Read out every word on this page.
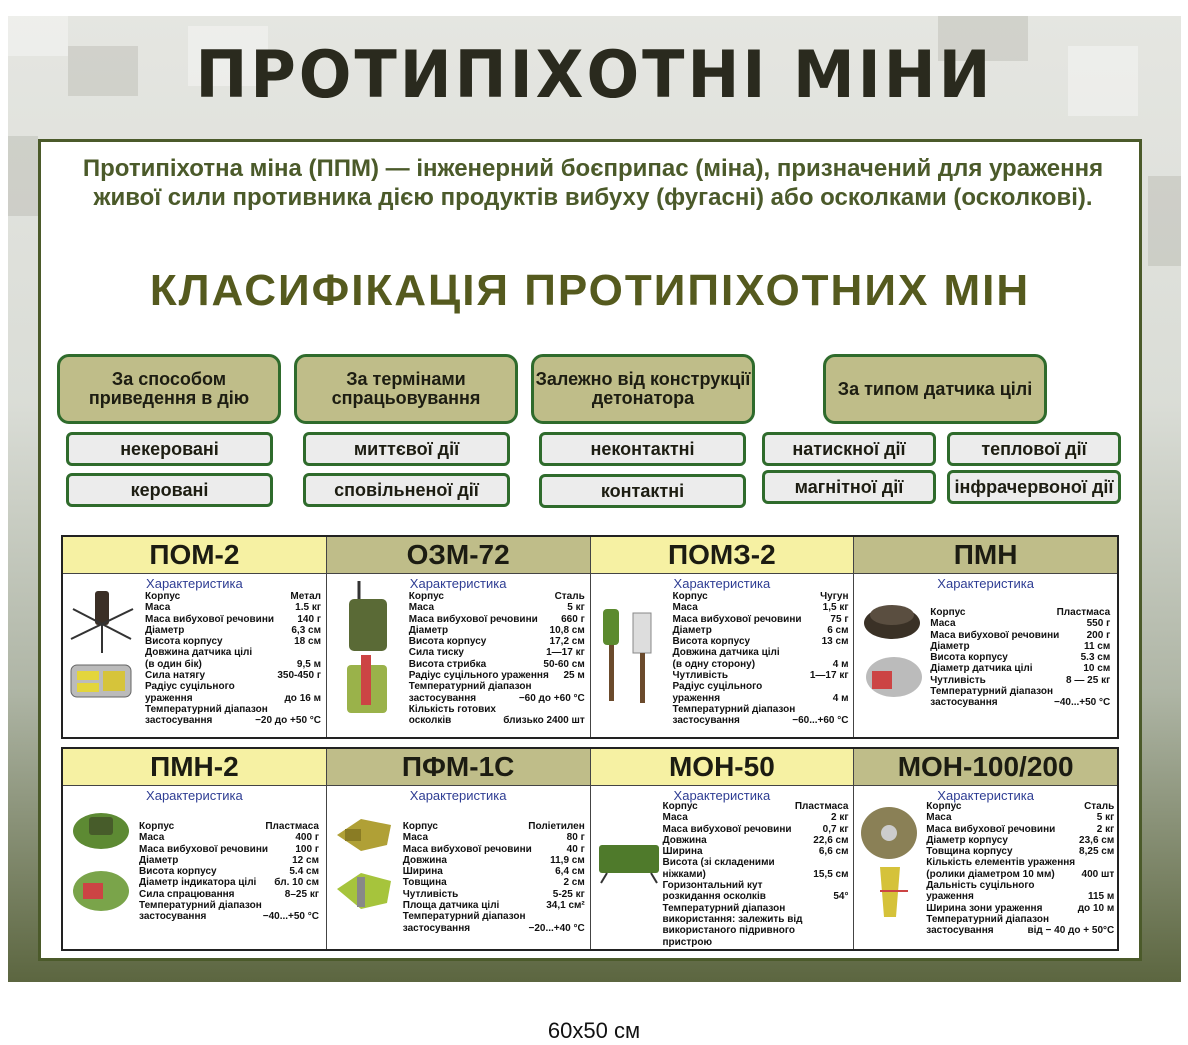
ПРОТИПІХОТНІ МІНИ
Протипіхотна міна (ППМ) — інженерний боєприпас (міна), призначений для ураження живої сили противника дією продуктів вибуху (фугасні) або осколками (осколкові).
КЛАСИФІКАЦІЯ ПРОТИПІХОТНИХ МІН
За способом приведення в дію
За термінами спрацьовування
Залежно від конструкції детонатора	За типом датчика цілі
некеровані
керовані
миттєвої дії
сповільненої дії
неконтактні
контактні
натискної дії	теплової дії
магнітної дії	інфрачервоної дії
ПОМ-2
Характеристика
Корпус	Метал
Маса	1.5 кг
Маса вибухової речовини 140 г
Діаметр	6,3 см
Висота корпусу	18 см
Довжина датчика цілі
(в один бік)	9,5 м
Сила натягу	350-450 г
Радіус суцільного
ураження	до 16 м
Температурний діапазон
застосування	−20 до +50 °С
ОЗМ-72
Характеристика
Корпус	Сталь
Маса	5 кг
Маса вибухової речовини 660 г
Діаметр	10,8 см
Висота корпусу	17,2 см
Сила тиску	1—17 кг
Висота стрибка	50-60 см
Радіус суцільного ураження 25 м
Температурний діапазон
застосування	−60 до +60 °С
Кількість готових
осколків	близько 2400 шт
ПОМЗ-2
Характеристика
Корпус	Чугун
Маса	1,5 кг
Маса вибухової речовини	75 г
Діаметр	6 см
Висота корпусу	13 см
Довжина датчика цілі
(в одну сторону)	4 м
Чутливість	1—17 кг
Радіус суцільного
ураження	4 м
Температурний діапазон
застосування	−60...+60 °С
ПМН
Характеристика
Корпус	Пластмаса
Маса	550 г
Маса вибухової речовини	200 г
Діаметр	11 см
Висота корпусу	5.3 см
Діаметр датчика цілі	10 см
Чутливість	8 — 25 кг
Температурний діапазон
застосування	−40...+50 °С
ПМН-2
Характеристика
Корпус	Пластмаса
Маса	400 г
Маса вибухової речовини	100 г
Діаметр	12 см
Висота корпусу	5.4 см
Діаметр індикатора цілі бл. 10 см
Сила спрацювання	8–25 кг
Температурний діапазон
застосування	−40...+50 °С
ПФМ-1С
Характеристика
Корпус	Поліетилен
Маса	80 г
Маса вибухової речовини	40 г
Довжина	11,9 см
Ширина	6,4 см
Товщина	2 см
Чутливість	5-25 кг
Площа датчика цілі	34,1 см²
Температурний діапазон
застосування	−20...+40 °С
МОН-50
Характеристика
Корпус	Пластмаса
Маса	2 кг
Маса вибухової речовини	0,7 кг
Довжина	22,6 см
Ширина	6,6 см
Висота (зі складеними
ніжками)	15,5 см
Горизонтальний кут
розкидання осколків	54°
Температурний діапазон
використання: залежить від
використаного підривного пристрою
МОН-100/200
Характеристика
Корпус	Сталь
Маса	5 кг
Маса вибухової речовини	2 кг
Діаметр корпусу	23,6 см
Товщина корпусу	8,25 см
Кількість елементів ураження
(ролики діаметром 10 мм)	400 шт
Дальність суцільного
ураження	115 м
Ширина зони ураження	до 10 м
Температурний діапазон
застосування	від − 40 до + 50°С
60х50 см
